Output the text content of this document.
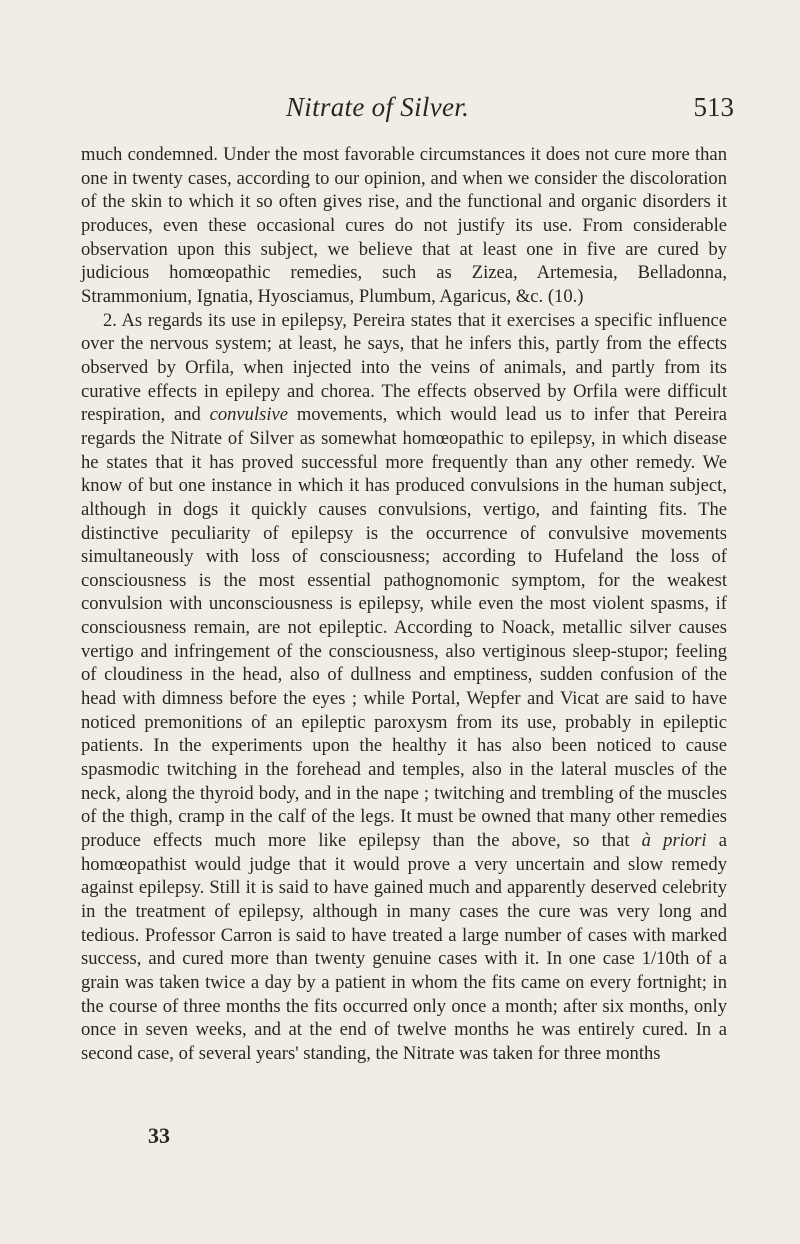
Nitrate of Silver.	513

much condemned. Under the most favorable circumstances it does not cure more than one in twenty cases, according to our opinion, and when we consider the discoloration of the skin to which it so often gives rise, and the functional and organic disorders it produces, even these occasional cures do not justify its use. From considerable observation upon this subject, we believe that at least one in five are cured by judicious homœopathic remedies, such as Zizea, Artemesia, Belladonna, Strammonium, Ignatia, Hyosciamus, Plumbum, Agaricus, &c. (10.)

2. As regards its use in epilepsy, Pereira states that it exercises a specific influence over the nervous system; at least, he says, that he infers this, partly from the effects observed by Orfila, when injected into the veins of animals, and partly from its curative effects in epilepy and chorea. The effects observed by Orfila were difficult respiration, and convulsive movements, which would lead us to infer that Pereira regards the Nitrate of Silver as somewhat homœopathic to epilepsy, in which disease he states that it has proved successful more frequently than any other remedy. We know of but one instance in which it has produced convulsions in the human subject, although in dogs it quickly causes convulsions, vertigo, and fainting fits. The distinctive peculiarity of epilepsy is the occurrence of convulsive movements simultaneously with loss of consciousness; according to Hufeland the loss of consciousness is the most essential pathognomonic symptom, for the weakest convulsion with unconsciousness is epilepsy, while even the most violent spasms, if consciousness remain, are not epileptic. According to Noack, metallic silver causes vertigo and infringement of the consciousness, also vertiginous sleep-stupor; feeling of cloudiness in the head, also of dullness and emptiness, sudden confusion of the head with dimness before the eyes ; while Portal, Wepfer and Vicat are said to have noticed premonitions of an epileptic paroxysm from its use, probably in epileptic patients. In the experiments upon the healthy it has also been noticed to cause spasmodic twitching in the forehead and temples, also in the lateral muscles of the neck, along the thyroid body, and in the nape ; twitching and trembling of the muscles of the thigh, cramp in the calf of the legs. It must be owned that many other remedies produce effects much more like epilepsy than the above, so that à priori a homœopathist would judge that it would prove a very uncertain and slow remedy against epilepsy. Still it is said to have gained much and apparently deserved celebrity in the treatment of epilepsy, although in many cases the cure was very long and tedious. Professor Carron is said to have treated a large number of cases with marked success, and cured more than twenty genuine cases with it. In one case 1/10th of a grain was taken twice a day by a patient in whom the fits came on every fortnight; in the course of three months the fits occurred only once a month; after six months, only once in seven weeks, and at the end of twelve months he was entirely cured. In a second case, of several years' standing, the Nitrate was taken for three months

33
